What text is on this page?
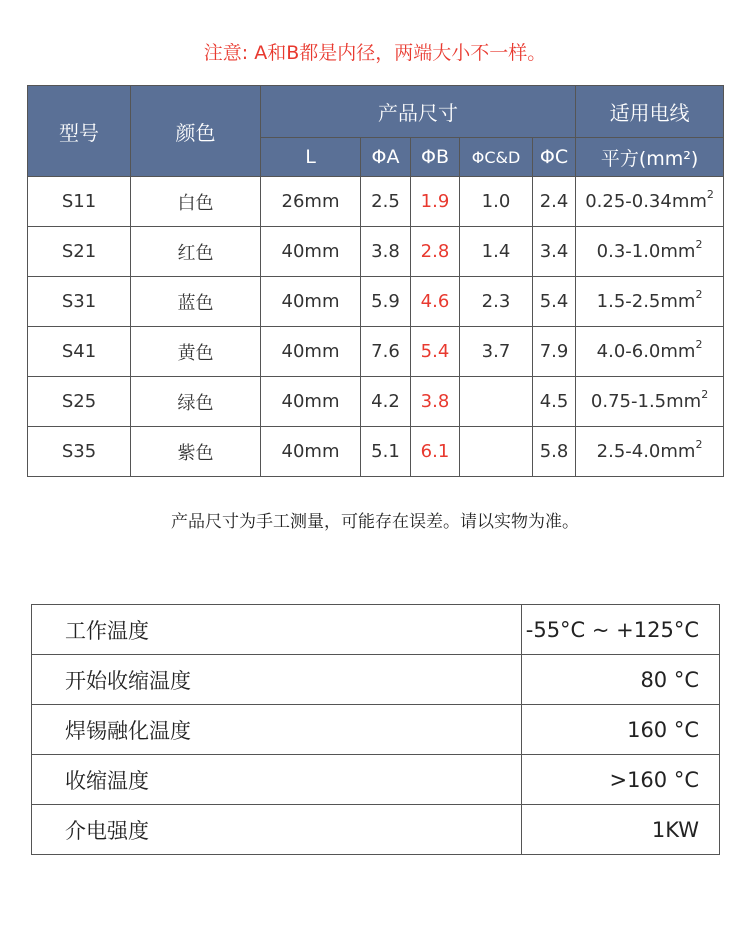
注意: A和B都是内径，两端大小不一样。
型号	颜色	产品尺寸					适用电线
		L	ΦA	ΦB	ΦC&D	ΦC	平方(mm²)
S11	白色	26mm	2.5	1.9	1.0	2.4	$0.25-0.34mm^2$
S21	红色	40mm	3.8	2.8	1.4	3.4	$0.3-1.0mm^2$
S31	蓝色	40mm	5.9	4.6	2.3	5.4	$1.5-2.5mm^2$
S41	黄色	40mm	7.6	5.4	3.7	7.9	$4.0-6.0mm^2$
S25	绿色	40mm	4.2	3.8		4.5	$0.75-1.5mm^2$
S35	紫色	40mm	5.1	6.1		5.8	$2.5-4.0mm^2$
产品尺寸为手工测量，可能存在误差。请以实物为准。
工作温度	-55°C ~ +125°C
开始收缩温度	80 °C
焊锡融化温度	160 °C
收缩温度	>160 °C
介电强度	1KW
